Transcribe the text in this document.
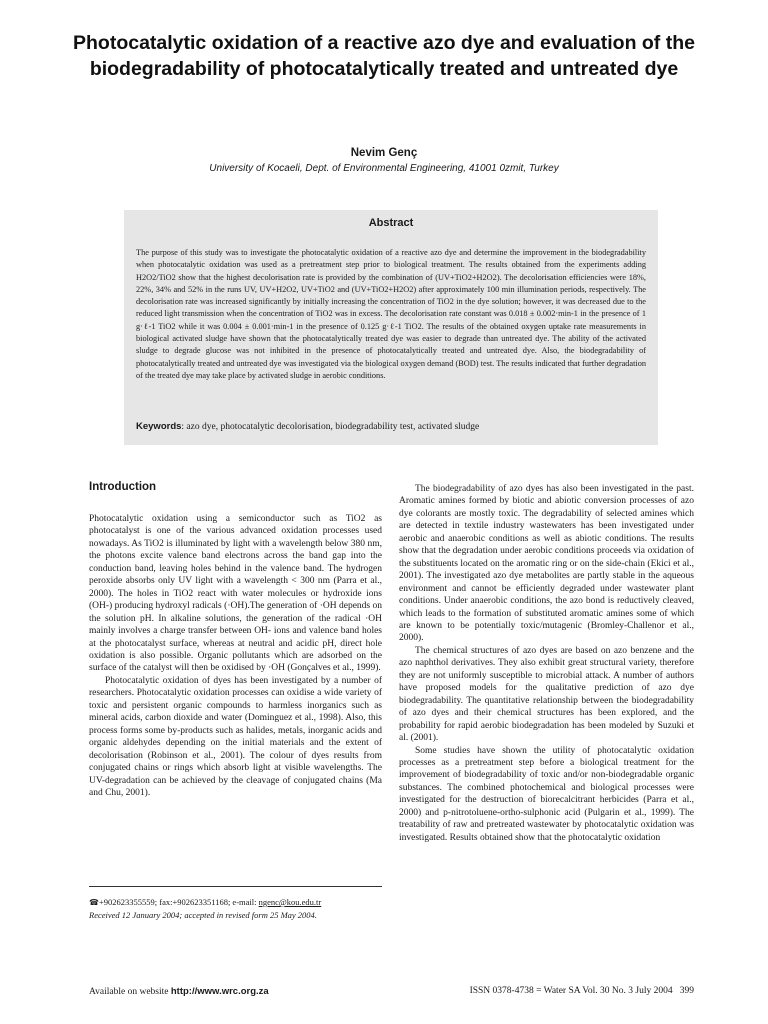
Photocatalytic oxidation of a reactive azo dye and evaluation of the biodegradability of photocatalytically treated and untreated dye
Nevim Genç
University of Kocaeli, Dept. of Environmental Engineering, 41001 0zmit, Turkey
Abstract
The purpose of this study was to investigate the photocatalytic oxidation of a reactive azo dye and determine the improvement in the biodegradability when photocatalytic oxidation was used as a pretreatment step prior to biological treatment. The results obtained from the experiments adding H2O2/TiO2 show that the highest decolorisation rate is provided by the combination of (UV+TiO2+H2O2). The decolorisation efficiencies were 18%, 22%, 34% and 52% in the runs UV, UV+H2O2, UV+TiO2 and (UV+TiO2+H2O2) after approximately 100 min illumination periods, respectively. The decolorisation rate was increased significantly by initially increasing the concentration of TiO2 in the dye solution; however, it was decreased due to the reduced light transmission when the concentration of TiO2 was in excess. The decolorisation rate constant was 0.018 ± 0.002·min-1 in the presence of 1 g·ℓ-1 TiO2 while it was 0.004 ± 0.001·min-1 in the presence of 0.125 g·ℓ-1 TiO2. The results of the obtained oxygen uptake rate measurements in biological activated sludge have shown that the photocatalytically treated dye was easier to degrade than untreated dye. The ability of the activated sludge to degrade glucose was not inhibited in the presence of photocatalytically treated and untreated dye. Also, the biodegradability of photocatalytically treated and untreated dye was investigated via the biological oxygen demand (BOD) test. The results indicated that further degradation of the treated dye may take place by activated sludge in aerobic conditions.
Keywords: azo dye, photocatalytic decolorisation, biodegradability test, activated sludge
Introduction

Photocatalytic oxidation using a semiconductor such as TiO2 as photocatalyst is one of the various advanced oxidation processes used nowadays. As TiO2 is illuminated by light with a wavelength below 380 nm, the photons excite valence band electrons across the band gap into the conduction band, leaving holes behind in the valence band. The hydrogen peroxide absorbs only UV light with a wavelength < 300 nm (Parra et al., 2000). The holes in TiO2 react with water molecules or hydroxide ions (OH-) producing hydroxyl radicals (·OH).The generation of ·OH depends on the solution pH. In alkaline solutions, the generation of the radical ·OH mainly involves a charge transfer between OH- ions and valence band holes at the photocatalyst surface, whereas at neutral and acidic pH, direct hole oxidation is also possible. Organic pollutants which are adsorbed on the surface of the catalyst will then be oxidised by ·OH (Gonçalves et al., 1999).

Photocatalytic oxidation of dyes has been investigated by a number of researchers. Photocatalytic oxidation processes can oxidise a wide variety of toxic and persistent organic compounds to harmless inorganics such as mineral acids, carbon dioxide and water (Dominguez et al., 1998). Also, this process forms some by-products such as halides, metals, inorganic acids and organic aldehydes depending on the initial materials and the extent of decolorisation (Robinson et al., 2001). The colour of dyes results from conjugated chains or rings which absorb light at visible wavelengths. The UV-degradation can be achieved by the cleavage of conjugated chains (Ma and Chu, 2001).

The biodegradability of azo dyes has also been investigated in the past. Aromatic amines formed by biotic and abiotic conversion processes of azo dye colorants are mostly toxic. The degradability of selected amines which are detected in textile industry wastewaters has been investigated under aerobic and anaerobic conditions as well as abiotic conditions. The results show that the degradation under aerobic conditions proceeds via oxidation of the substituents located on the aromatic ring or on the side-chain (Ekici et al., 2001). The investigated azo dye metabolites are partly stable in the aqueous environment and cannot be efficiently degraded under wastewater plant conditions. Under anaerobic conditions, the azo bond is reductively cleaved, which leads to the formation of substituted aromatic amines some of which are known to be potentially toxic/mutagenic (Bromley-Challenor et al., 2000).

The chemical structures of azo dyes are based on azo benzene and the azo naphthol derivatives. They also exhibit great structural variety, therefore they are not uniformly susceptible to microbial attack. A number of authors have proposed models for the qualitative prediction of azo dye biodegradability. The quantitative relationship between the biodegradability of azo dyes and their chemical structures has been explored, and the probability for rapid aerobic biodegradation has been modeled by Suzuki et al. (2001).

Some studies have shown the utility of photocatalytic oxidation processes as a pretreatment step before a biological treatment for the improvement of biodegradability of toxic and/or non-biodegradable organic substances. The combined photochemical and biological processes were investigated for the destruction of biorecalcitrant herbicides (Parra et al., 2000) and p-nitrotoluene-ortho-sulphonic acid (Pulgarin et al., 1999). The treatability of raw and pretreated wastewater by photocatalytic oxidation was investigated. Results obtained show that the photocatalytic oxidation

☎+902623355559; fax:+902623351168; e-mail: ngenc@kou.edu.tr
Received 12 January 2004; accepted in revised form 25 May 2004.
Available on website http://www.wrc.org.za	ISSN 0378-4738 = Water SA Vol. 30 No. 3 July 2004 399
